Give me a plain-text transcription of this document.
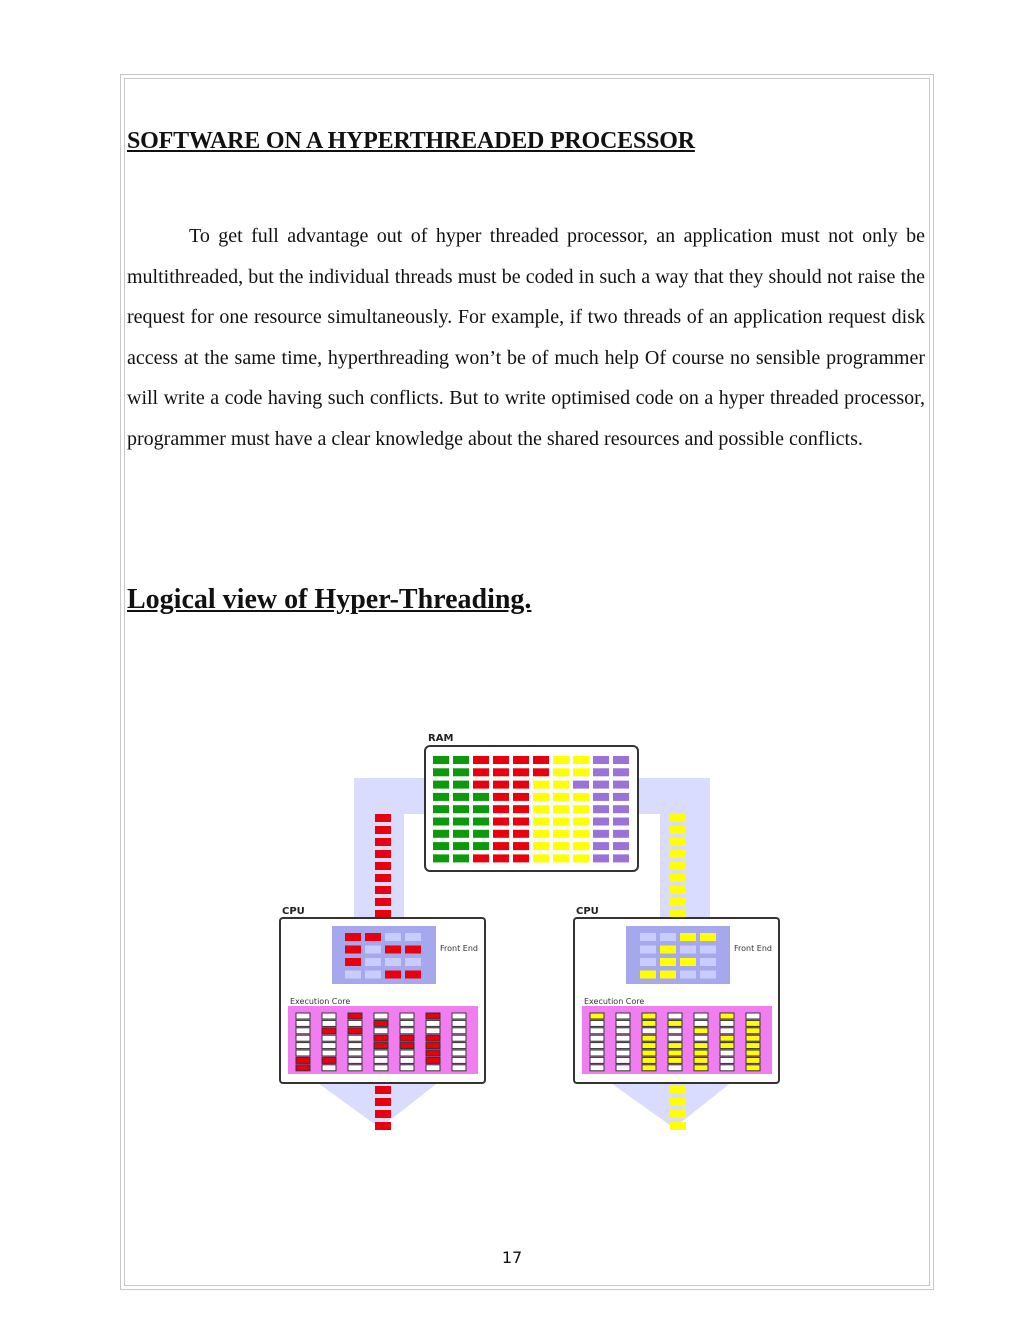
SOFTWARE ON A HYPERTHREADED PROCESSOR

To get full advantage out of hyper threaded processor, an application must not only be multithreaded, but the individual threads must be coded in such a way that they should not raise the request for one resource simultaneously. For example, if two threads of an application request disk access at the same time, hyperthreading won’t be of much help Of course no sensible programmer will write a code having such conflicts. But to write optimised code on a hyper threaded processor, programmer must have a clear knowledge about the shared resources and possible conflicts.

Logical view of Hyper-Threading.
RAM
CPU
Front End
Execution Core
CPU
Front End
Execution Core
17
